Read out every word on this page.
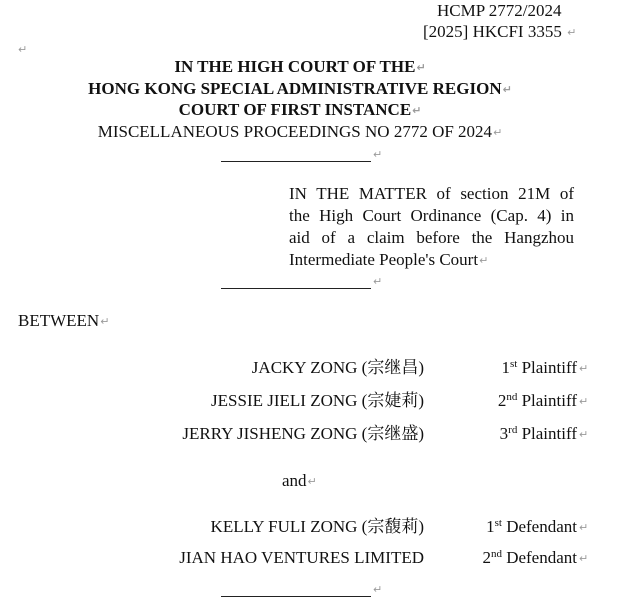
HCMP 2772/2024
[2025] HKCFI 3355 ↵
↵
IN THE HIGH COURT OF THE↵
HONG KONG SPECIAL ADMINISTRATIVE REGION↵
COURT OF FIRST INSTANCE↵
MISCELLANEOUS PROCEEDINGS NO 2772 OF 2024↵
↵
IN THE MATTER of section 21M of
the High Court Ordinance (Cap. 4) in
aid of a claim before the Hangzhou
Intermediate People's Court↵
↵
BETWEEN↵
JACKY ZONG (宗继昌)	1st Plaintiff ↵
JESSIE JIELI ZONG (宗婕莉)	2nd Plaintiff ↵
JERRY JISHENG ZONG (宗继盛)	3rd Plaintiff ↵
and↵
KELLY FULI ZONG (宗馥莉)	1st Defendant ↵
JIAN HAO VENTURES LIMITED	2nd Defendant ↵
↵
